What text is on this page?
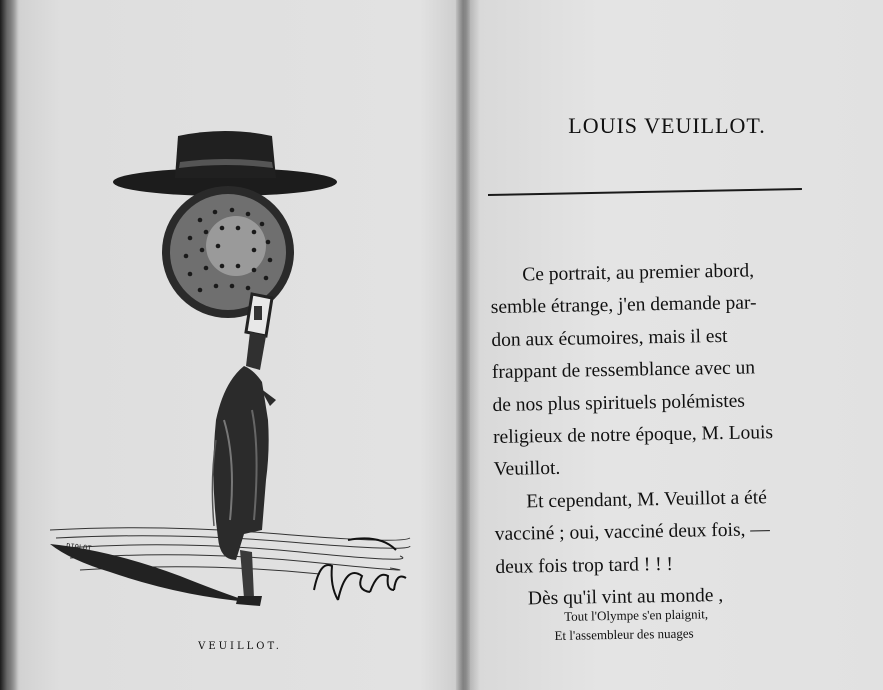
DIOLOT
VEUILLOT.
LOUIS VEUILLOT.

Ce portrait, au premier abord,

semble étrange, j'en demande par-

don aux écumoires, mais il est

frappant de ressemblance avec un

de nos plus spirituels polémistes

religieux de notre époque, M. Louis

Veuillot.

Et cependant, M. Veuillot a été

vacciné ; oui, vacciné deux fois, —

deux fois trop tard ! ! !

Dès qu'il vint au monde ,

Tout l'Olympe s'en plaignit,
Et l'assembleur des nuages
